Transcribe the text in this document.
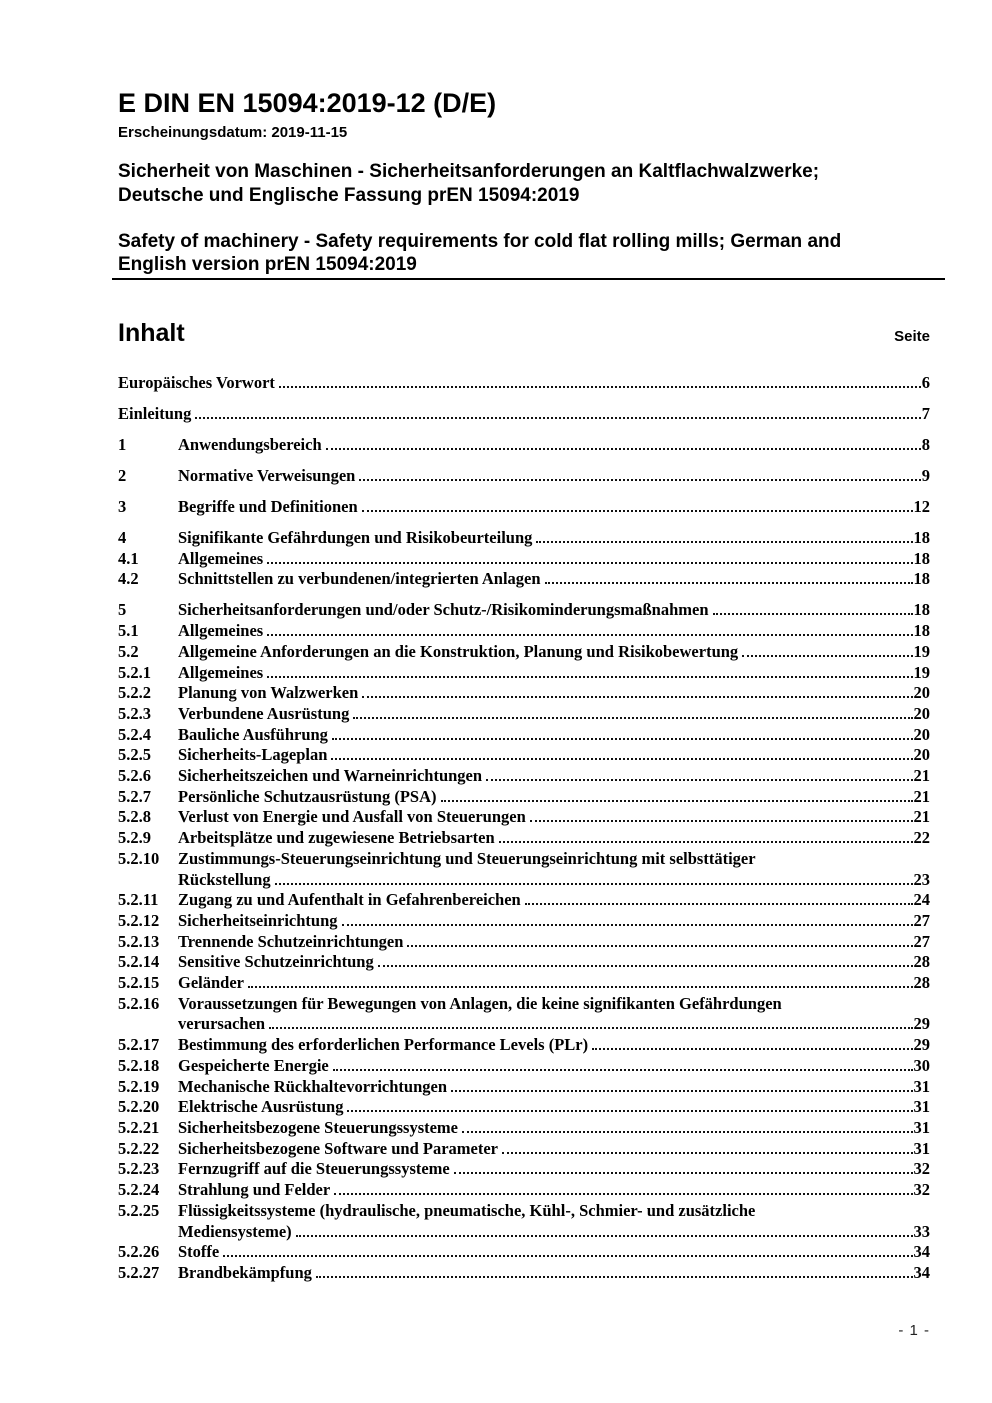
E DIN EN 15094:2019-12 (D/E)
Erscheinungsdatum: 2019-11-15
Sicherheit von Maschinen - Sicherheitsanforderungen an Kaltflachwalzwerke;
Deutsche und Englische Fassung prEN 15094:2019
Safety of machinery - Safety requirements for cold flat rolling mills; German and
English version prEN 15094:2019
Inhalt	Seite
Europäisches Vorwort	6
Einleitung	7
1	Anwendungsbereich	8
2	Normative Verweisungen	9
3	Begriffe und Definitionen	12
4	Signifikante Gefährdungen und Risikobeurteilung	18
4.1	Allgemeines	18
4.2	Schnittstellen zu verbundenen/integrierten Anlagen	18
5	Sicherheitsanforderungen und/oder Schutz-/Risikominderungsmaßnahmen	18
5.1	Allgemeines	18
5.2	Allgemeine Anforderungen an die Konstruktion, Planung und Risikobewertung	19
5.2.1	Allgemeines	19
5.2.2	Planung von Walzwerken	20
5.2.3	Verbundene Ausrüstung	20
5.2.4	Bauliche Ausführung	20
5.2.5	Sicherheits-Lageplan	20
5.2.6	Sicherheitszeichen und Warneinrichtungen	21
5.2.7	Persönliche Schutzausrüstung (PSA)	21
5.2.8	Verlust von Energie und Ausfall von Steuerungen	21
5.2.9	Arbeitsplätze und zugewiesene Betriebsarten	22
5.2.10	Zustimmungs-Steuerungseinrichtung und Steuerungseinrichtung mit selbsttätiger

Rückstellung	23
5.2.11	Zugang zu und Aufenthalt in Gefahrenbereichen	24
5.2.12	Sicherheitseinrichtung	27
5.2.13	Trennende Schutzeinrichtungen	27
5.2.14	Sensitive Schutzeinrichtung	28
5.2.15	Geländer	28
5.2.16	Voraussetzungen für Bewegungen von Anlagen, die keine signifikanten Gefährdungen

verursachen	29
5.2.17	Bestimmung des erforderlichen Performance Levels (PLr)	29
5.2.18	Gespeicherte Energie	30
5.2.19	Mechanische Rückhaltevorrichtungen	31
5.2.20	Elektrische Ausrüstung	31
5.2.21	Sicherheitsbezogene Steuerungssysteme	31
5.2.22	Sicherheitsbezogene Software und Parameter	31
5.2.23	Fernzugriff auf die Steuerungssysteme	32
5.2.24	Strahlung und Felder	32
5.2.25	Flüssigkeitssysteme (hydraulische, pneumatische, Kühl-, Schmier- und zusätzliche

Mediensysteme)	33
5.2.26	Stoffe	34
5.2.27	Brandbekämpfung	34
- 1 -
